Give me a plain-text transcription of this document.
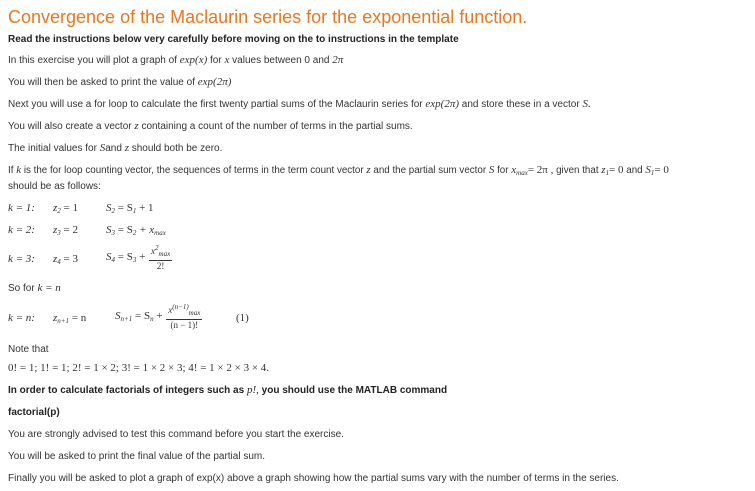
Convergence of the Maclaurin series for the exponential function.
Read the instructions below very carefully before moving on the to instructions in the template
In this exercise you will plot a graph of exp(x) for x values between 0 and 2π
You will then be asked to print the value of exp(2π)
Next you will use a for loop to calculate the first twenty partial sums of the Maclaurin series for exp(2π) and store these in a vector S.
You will also create a vector z containing a count of the number of terms in the partial sums.
The initial values for Sand z should both be zero.
If k is the for loop counting vector, the sequences of terms in the term count vector z and the partial sum vector S for $x_{max}= 2\pi$ , given that $z_1= 0$ and $S_1= 0$
should be as follows:
k = 1: $z_2 = 1$	$S_2 = S_1 + 1$
k = 2: $z_3 = 2$	$S_3 = S_2 + x_{max}$
k = 3: $z_4 = 3$	$S_4 = S_3 + \frac{x^2_{max}}{2!}$
So for k = n
k = n: $z_{n+1} = n$	$S_{n+1} = S_n + \frac{x^{(n-1)}_{max}}{(n - 1)!}$	(1)
Note that
0! = 1; 1! = 1; 2! = 1 × 2; 3! = 1 × 2 × 3; 4! = 1 × 2 × 3 × 4.
In order to calculate factorials of integers such as p!, you should use the MATLAB command
factorial(p)
You are strongly advised to test this command before you start the exercise.
You will be asked to print the final value of the partial sum.
Finally you will be asked to plot a graph of exp(x) above a graph showing how the partial sums vary with the number of terms in the series.
